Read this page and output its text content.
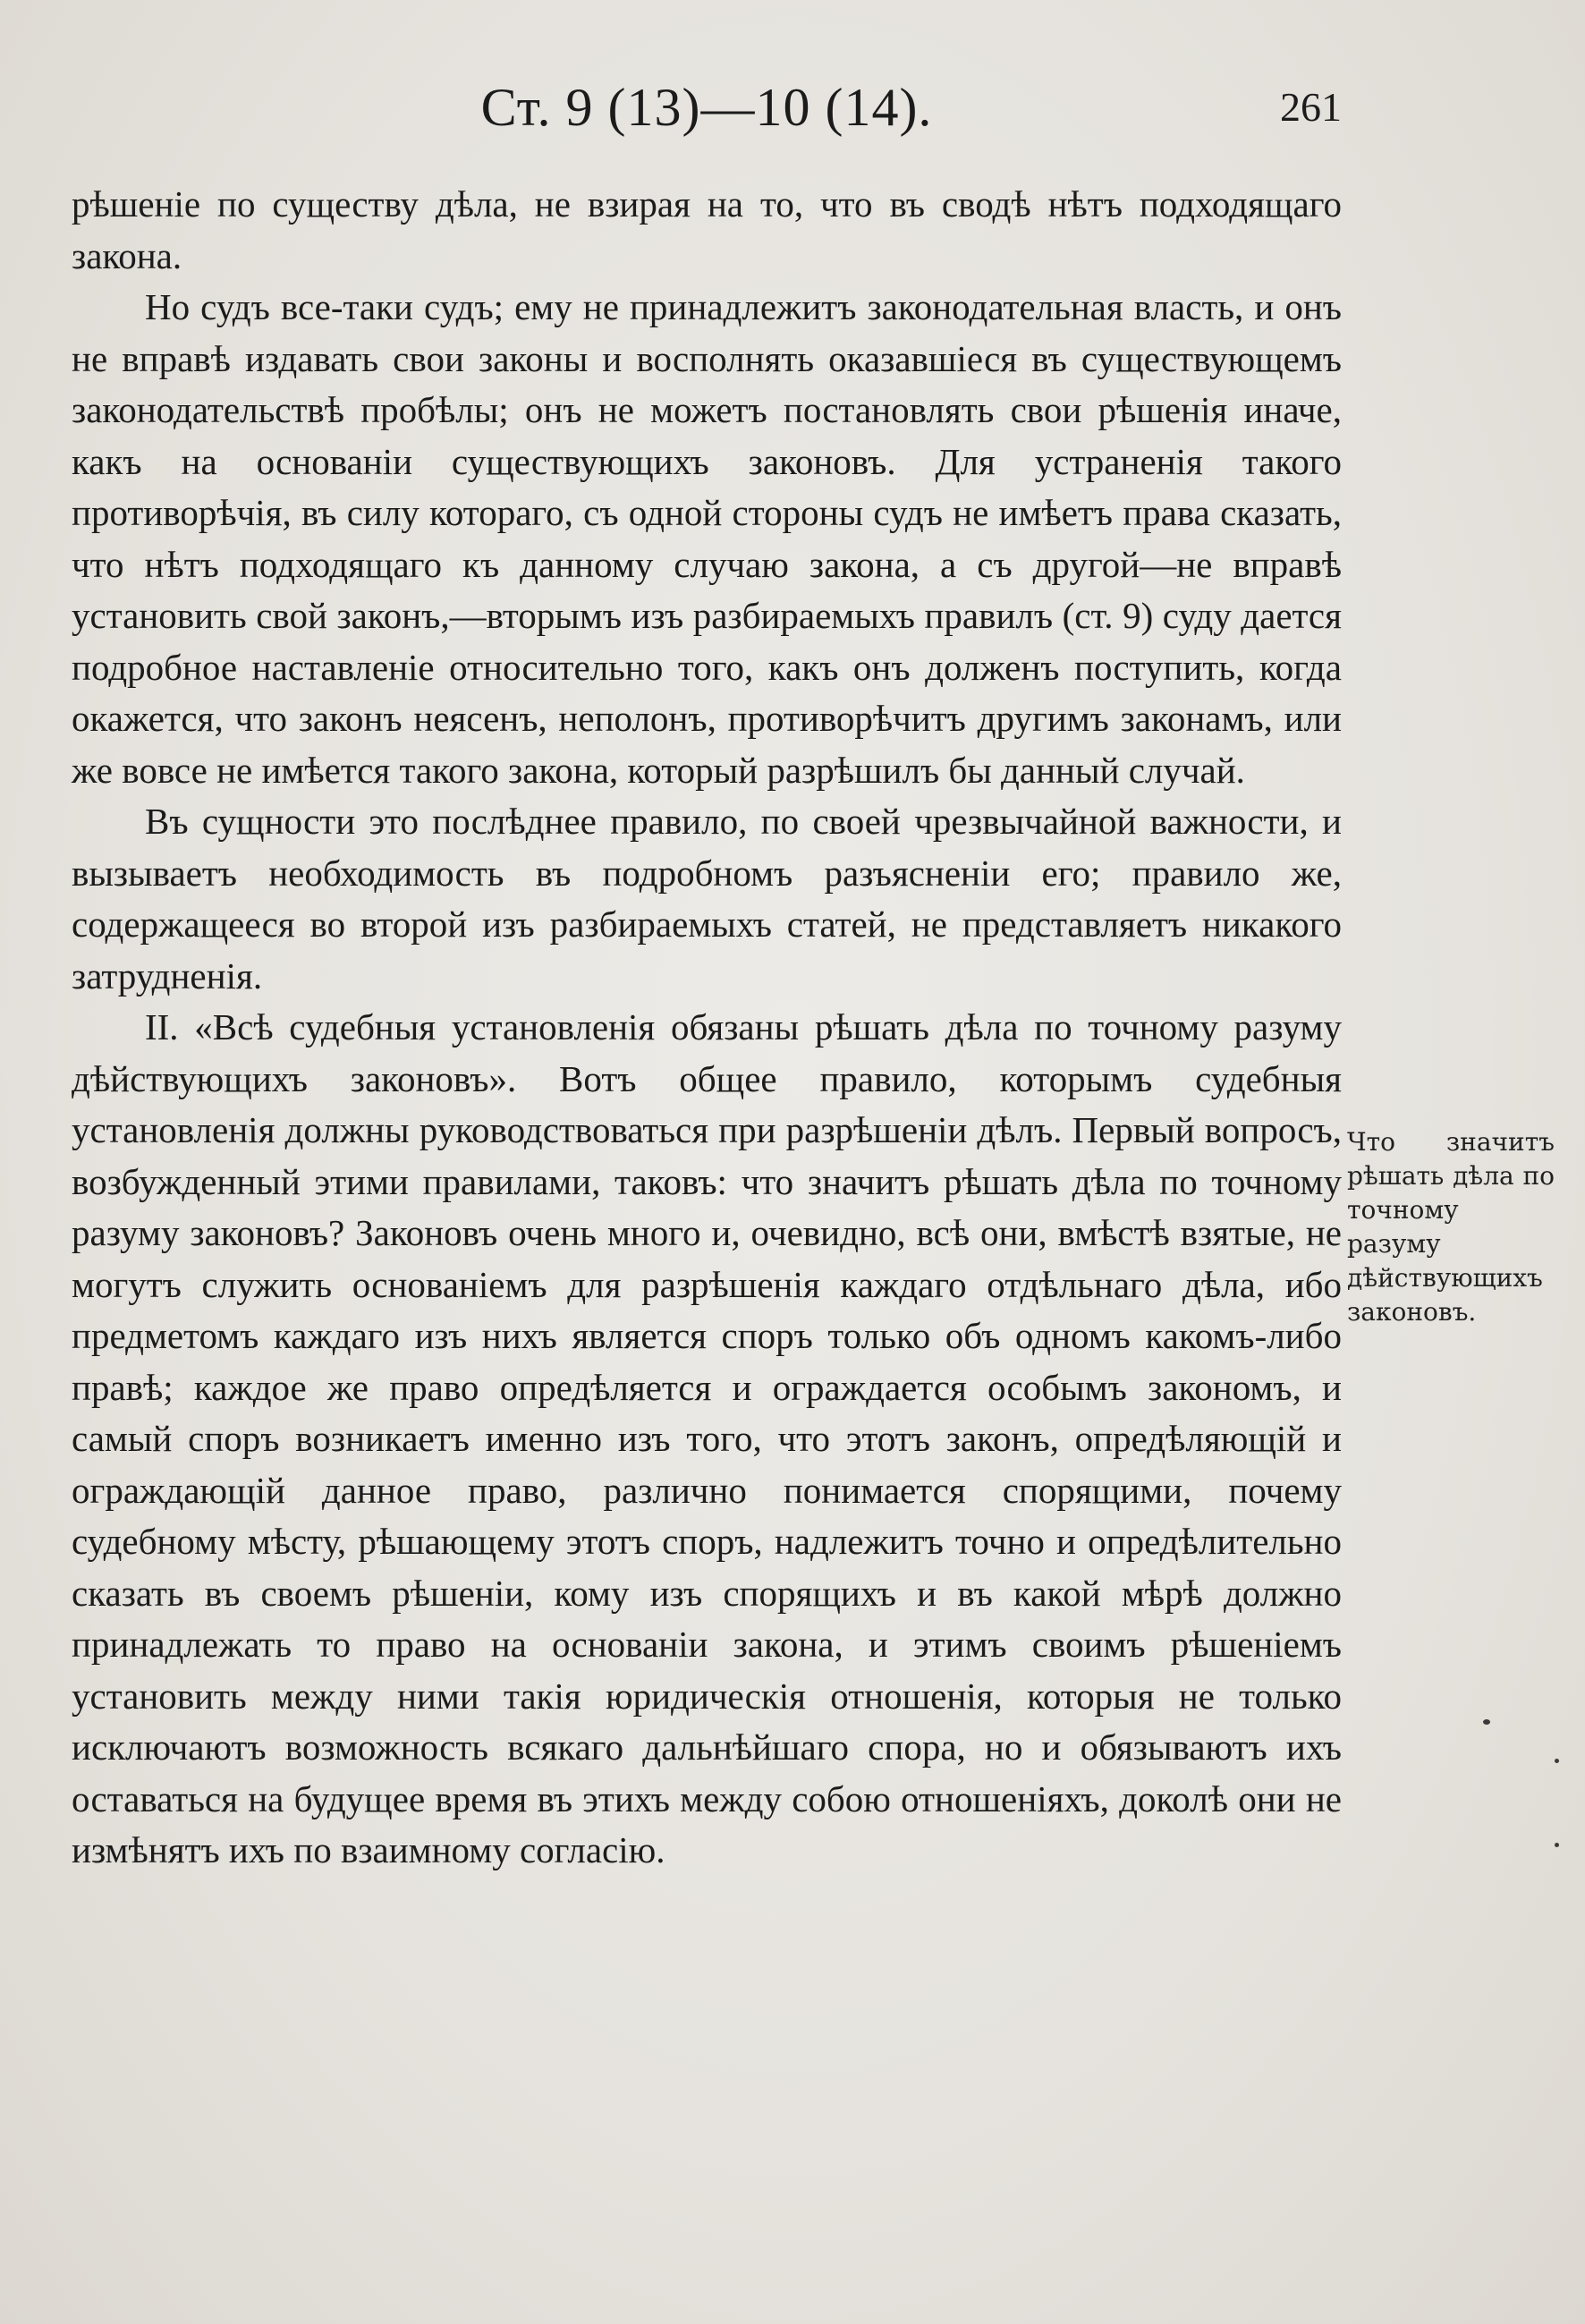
Ст. 9 (13)—10 (14).	261

рѣшеніе по существу дѣла, не взирая на то, что въ сводѣ нѣтъ подходящаго закона.

Но судъ все-таки судъ; ему не принадлежитъ законодательная власть, и онъ не вправѣ издавать свои законы и восполнять оказавшіеся въ существующемъ законодательствѣ пробѣлы; онъ не можетъ постановлять свои рѣшенія иначе, какъ на основаніи существующихъ законовъ. Для устраненія такого противорѣчія, въ силу котораго, съ одной стороны судъ не имѣетъ права сказать, что нѣтъ подходящаго къ данному случаю закона, а съ другой—не вправѣ установить свой законъ,—вторымъ изъ разбираемыхъ правилъ (ст. 9) суду дается подробное наставленіе относительно того, какъ онъ долженъ поступить, когда окажется, что законъ неясенъ, неполонъ, противорѣчитъ другимъ законамъ, или же вовсе не имѣется такого закона, который разрѣшилъ бы данный случай.

Въ сущности это послѣднее правило, по своей чрезвычайной важности, и вызываетъ необходимость въ подробномъ разъясненіи его; правило же, содержащееся во второй изъ разбираемыхъ статей, не представляетъ никакого затрудненія.

II. «Всѣ судебныя установленія обязаны рѣшать дѣла по точному разуму дѣйствующихъ законовъ». Вотъ общее правило, которымъ судебныя установленія должны руководствоваться при разрѣшеніи дѣлъ. Первый вопросъ, возбужденный этими правилами, таковъ: что значитъ рѣшать дѣла по точному разуму законовъ? Законовъ очень много и, очевидно, всѣ они, вмѣстѣ взятые, не могутъ служить основаніемъ для разрѣшенія каждаго отдѣльнаго дѣла, ибо предметомъ каждаго изъ нихъ является споръ только объ одномъ какомъ-либо правѣ; каждое же право опредѣляется и ограждается особымъ закономъ, и самый споръ возникаетъ именно изъ того, что этотъ законъ, опредѣляющій и ограждающій данное право, различно понимается спорящими, почему судебному мѣсту, рѣшающему этотъ споръ, надлежитъ точно и опредѣлительно сказать въ своемъ рѣшеніи, кому изъ спорящихъ и въ какой мѣрѣ должно принадлежать то право на основаніи закона, и этимъ своимъ рѣшеніемъ установить между ними такія юридическія отношенія, которыя не только исключаютъ возможность всякаго дальнѣйшаго спора, но и обязываютъ ихъ оставаться на будущее время въ этихъ между собою отношеніяхъ, доколѣ они не измѣнятъ ихъ по взаимному согласію.

Что значитъ рѣшать дѣла по точному разуму дѣйствующихъ законовъ.
